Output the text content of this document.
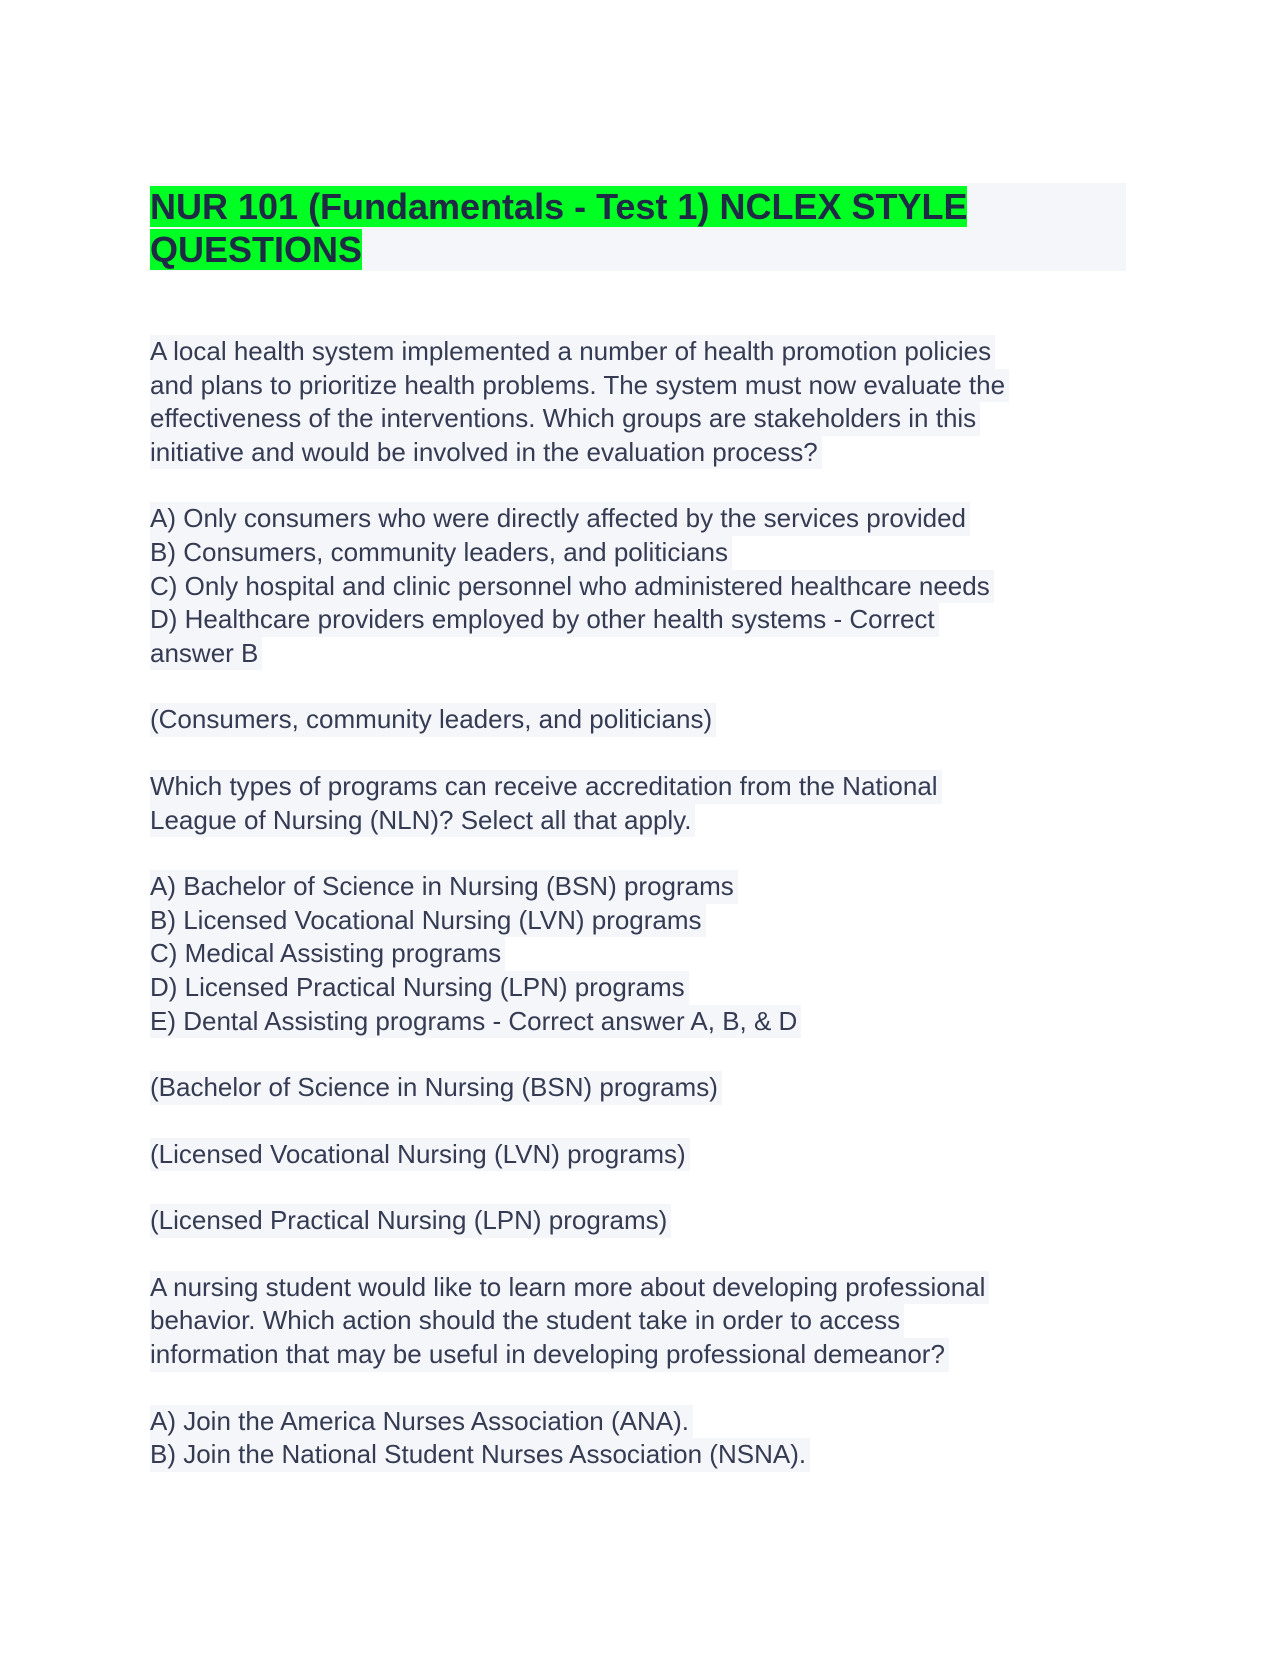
NUR 101 (Fundamentals - Test 1) NCLEX STYLE
QUESTIONS
A local health system implemented a number of health promotion policies
and plans to prioritize health problems. The system must now evaluate the
effectiveness of the interventions. Which groups are stakeholders in this
initiative and would be involved in the evaluation process?
A) Only consumers who were directly affected by the services provided
B) Consumers, community leaders, and politicians
C) Only hospital and clinic personnel who administered healthcare needs
D) Healthcare providers employed by other health systems - Correct
answer B
(Consumers, community leaders, and politicians)
Which types of programs can receive accreditation from the National
League of Nursing (NLN)? Select all that apply.
A) Bachelor of Science in Nursing (BSN) programs
B) Licensed Vocational Nursing (LVN) programs
C) Medical Assisting programs
D) Licensed Practical Nursing (LPN) programs
E) Dental Assisting programs - Correct answer A, B, & D
(Bachelor of Science in Nursing (BSN) programs)
(Licensed Vocational Nursing (LVN) programs)
(Licensed Practical Nursing (LPN) programs)
A nursing student would like to learn more about developing professional
behavior. Which action should the student take in order to access
information that may be useful in developing professional demeanor?
A) Join the America Nurses Association (ANA).
B) Join the National Student Nurses Association (NSNA).
